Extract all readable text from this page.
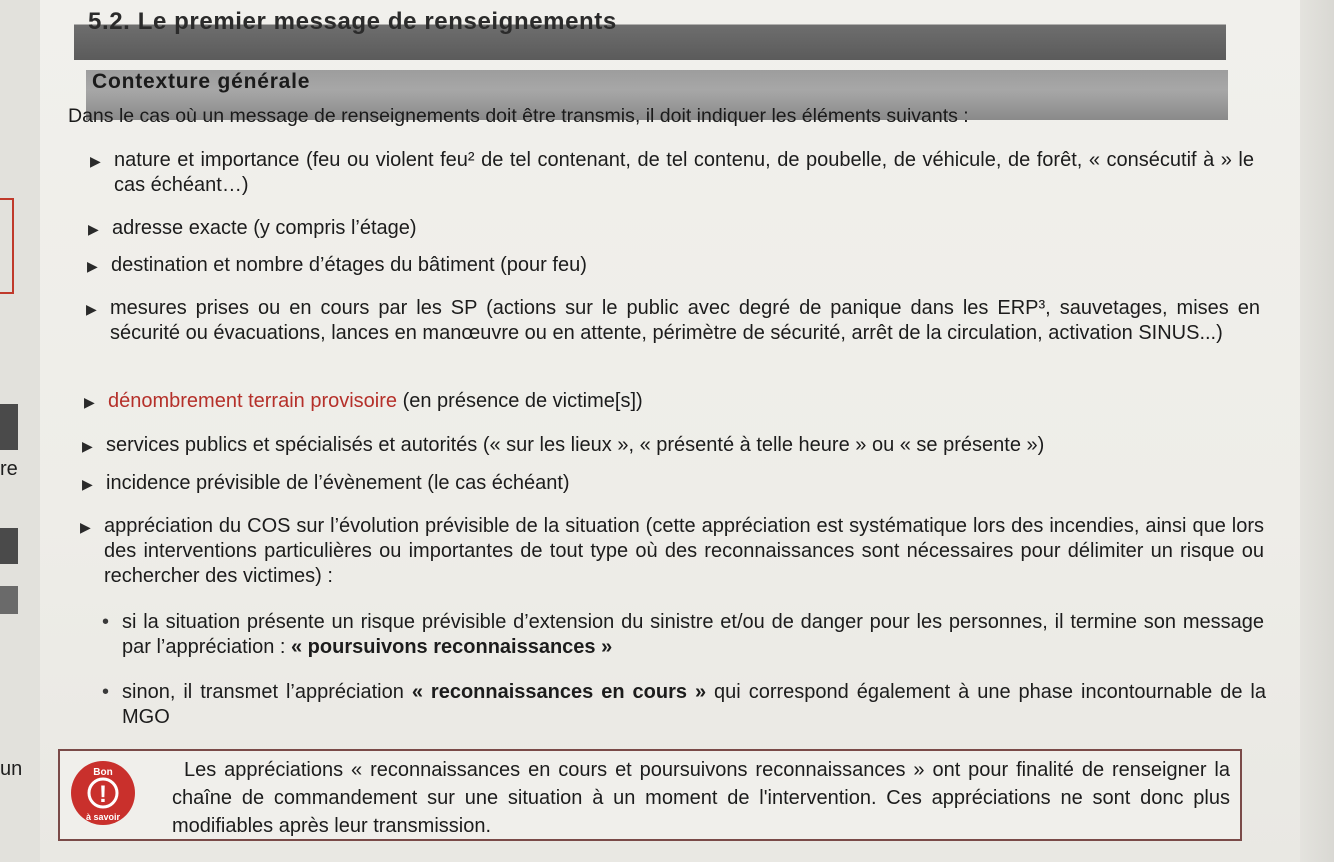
re
un
5.2. Le premier message de renseignements
Contexture générale

Dans le cas où un message de renseignements doit être transmis, il doit indiquer les éléments suivants :

▶ nature et importance (feu ou violent feu² de tel contenant, de tel contenu, de poubelle, de véhicule, de forêt, « consécutif à » le cas échéant…)

▶ adresse exacte (y compris l’étage)

▶ destination et nombre d’étages du bâtiment (pour feu)

▶ mesures prises ou en cours par les SP (actions sur le public avec degré de panique dans les ERP³, sauvetages, mises en sécurité ou évacuations, lances en manœuvre ou en attente, périmètre de sécurité, arrêt de la circulation, activation SINUS...)

▶ dénombrement terrain provisoire (en présence de victime[s])

▶ services publics et spécialisés et autorités (« sur les lieux », « présenté à telle heure » ou « se présente »)

▶ incidence prévisible de l’évènement (le cas échéant)

▶ appréciation du COS sur l’évolution prévisible de la situation (cette appréciation est systématique lors des incendies, ainsi que lors des interventions particulières ou importantes de tout type où des reconnaissances sont nécessaires pour délimiter un risque ou rechercher des victimes) :

• si la situation présente un risque prévisible d’extension du sinistre et/ou de danger pour les personnes, il termine son message par l’appréciation : « poursuivons reconnaissances »

• sinon, il transmet l’appréciation « reconnaissances en cours » qui correspond également à une phase incontournable de la MGO

!
Bon
à savoir

Les appréciations « reconnaissances en cours et poursuivons reconnaissances » ont pour finalité de renseigner la chaîne de commandement sur une situation à un moment de l'intervention. Ces appréciations ne sont donc plus modifiables après leur transmission.
